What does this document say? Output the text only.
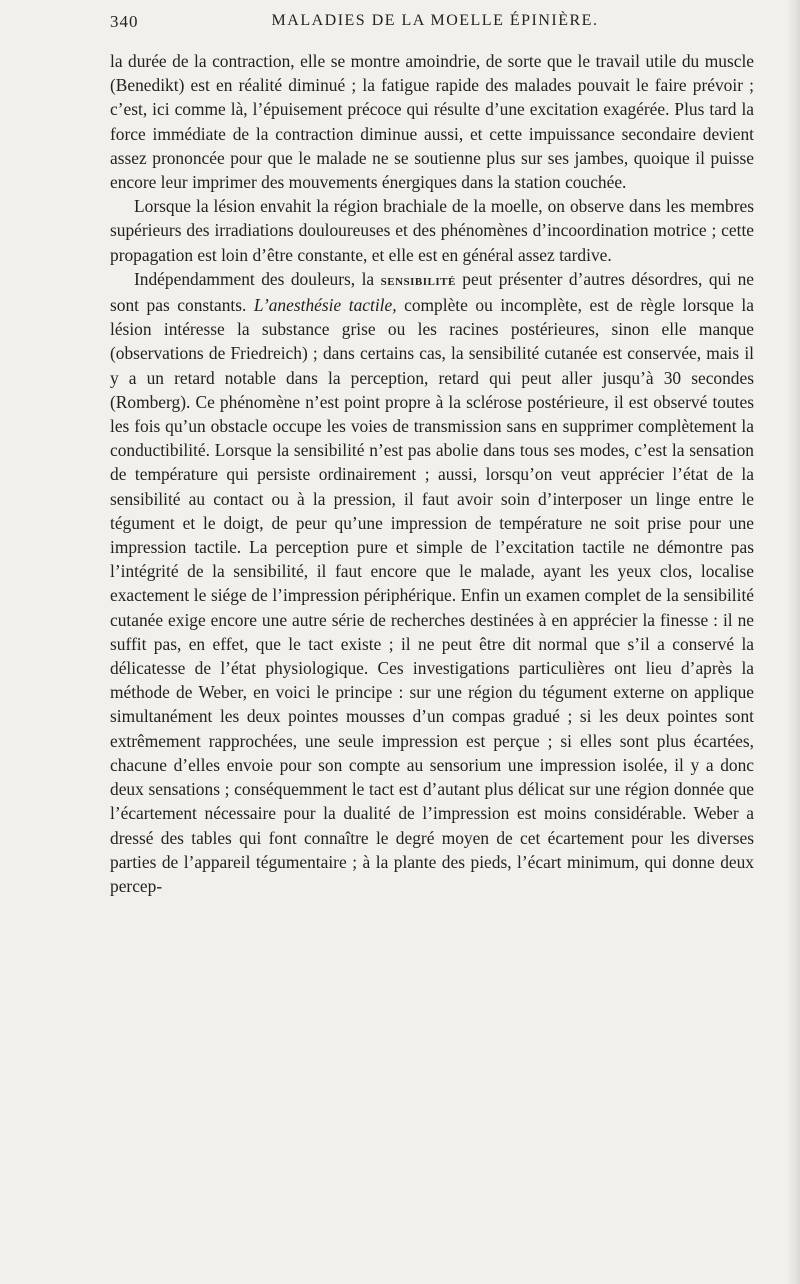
340	MALADIES DE LA MOELLE ÉPINIÈRE.

la durée de la contraction, elle se montre amoindrie, de sorte que le travail utile du muscle (Benedikt) est en réalité diminué ; la fatigue rapide des malades pouvait le faire prévoir ; c’est, ici comme là, l’épuisement précoce qui résulte d’une excitation exagérée. Plus tard la force immédiate de la contraction diminue aussi, et cette impuissance secondaire devient assez prononcée pour que le malade ne se soutienne plus sur ses jambes, quoique il puisse encore leur imprimer des mouvements énergiques dans la station couchée.

Lorsque la lésion envahit la région brachiale de la moelle, on observe dans les membres supérieurs des irradiations douloureuses et des phénomènes d’incoordination motrice ; cette propagation est loin d’être constante, et elle est en général assez tardive.

Indépendamment des douleurs, la sensibilité peut présenter d’autres désordres, qui ne sont pas constants. L’anesthésie tactile, complète ou incomplète, est de règle lorsque la lésion intéresse la substance grise ou les racines postérieures, sinon elle manque (observations de Friedreich) ; dans certains cas, la sensibilité cutanée est conservée, mais il y a un retard notable dans la perception, retard qui peut aller jusqu’à 30 secondes (Romberg). Ce phénomène n’est point propre à la sclérose postérieure, il est observé toutes les fois qu’un obstacle occupe les voies de transmission sans en supprimer complètement la conductibilité. Lorsque la sensibilité n’est pas abolie dans tous ses modes, c’est la sensation de température qui persiste ordinairement ; aussi, lorsqu’on veut apprécier l’état de la sensibilité au contact ou à la pression, il faut avoir soin d’interposer un linge entre le tégument et le doigt, de peur qu’une impression de température ne soit prise pour une impression tactile. La perception pure et simple de l’excitation tactile ne démontre pas l’intégrité de la sensibilité, il faut encore que le malade, ayant les yeux clos, localise exactement le siége de l’impression périphérique. Enfin un examen complet de la sensibilité cutanée exige encore une autre série de recherches destinées à en apprécier la finesse : il ne suffit pas, en effet, que le tact existe ; il ne peut être dit normal que s’il a conservé la délicatesse de l’état physiologique. Ces investigations particulières ont lieu d’après la méthode de Weber, en voici le principe : sur une région du tégument externe on applique simultanément les deux pointes mousses d’un compas gradué ; si les deux pointes sont extrêmement rapprochées, une seule impression est perçue ; si elles sont plus écartées, chacune d’elles envoie pour son compte au sensorium une impression isolée, il y a donc deux sensations ; conséquemment le tact est d’autant plus délicat sur une région donnée que l’écartement nécessaire pour la dualité de l’impression est moins considérable. Weber a dressé des tables qui font connaître le degré moyen de cet écartement pour les diverses parties de l’appareil tégumentaire ; à la plante des pieds, l’écart minimum, qui donne deux percep-
